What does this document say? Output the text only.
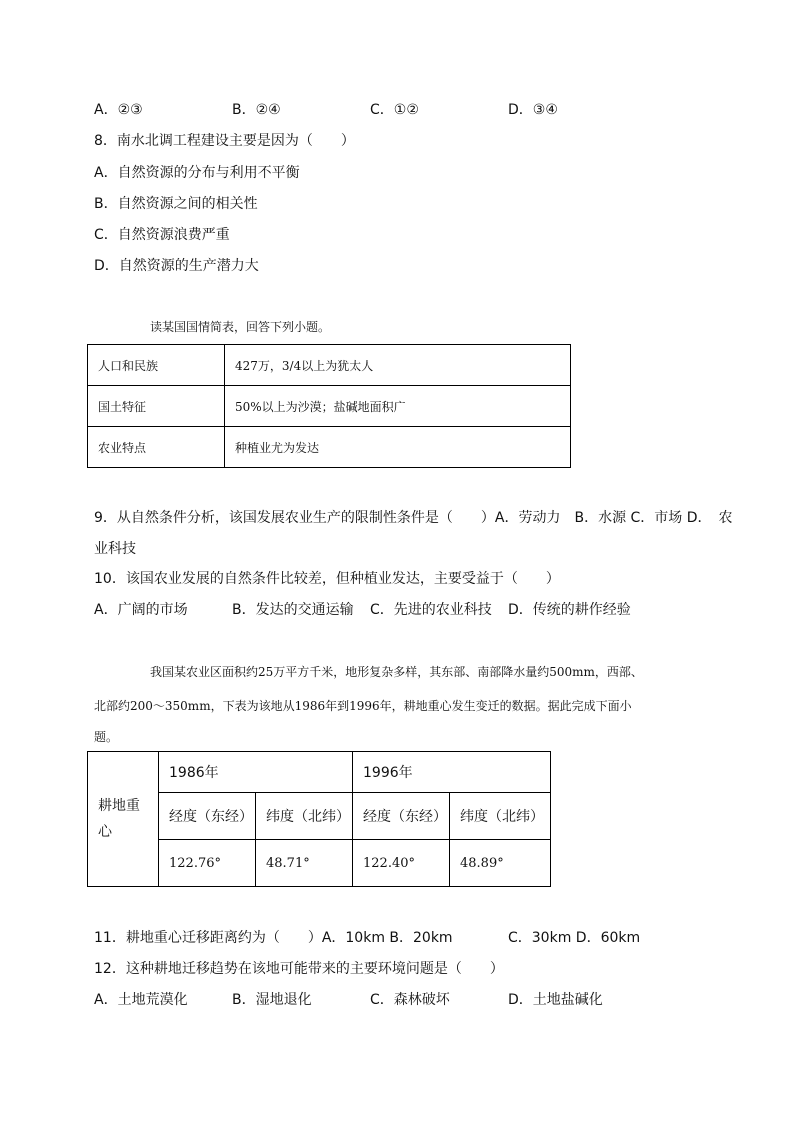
A．②③	B．②④	C．①②	D．③④
8．南水北调工程建设主要是因为（　　）
A．自然资源的分布与利用不平衡
B．自然资源之间的相关性
C．自然资源浪费严重
D．自然资源的生产潜力大
读某国国情简表，回答下列小题。
人口和民族	427万，3/4以上为犹太人
国土特征	50%以上为沙漠；盐碱地面积广
农业特点	种植业尤为发达
9．从自然条件分析，该国发展农业生产的限制性条件是（　　）A．劳动力　B．水源 C．市场 D．　农
业科技
10．该国农业发展的自然条件比较差，但种植业发达，主要受益于（　　）
A．广阔的市场	B．发达的交通运输 C．先进的农业科技 D．传统的耕作经验
我国某农业区面积约25万平方千米，地形复杂多样，其东部、南部降水量约500mm，西部、
北部约200～350mm，下表为该地从1986年到1996年，耕地重心发生变迁的数据。据此完成下面小
题。
耕地重心	1986年		1996年	
	经度（东经）	纬度（北纬）	经度（东经）	纬度（北纬）
	122.76°	48.71°	122.40°	48.89°
11．耕地重心迁移距离约为（　　）A．10km B．20km	C．30km D．60km
12．这种耕地迁移趋势在该地可能带来的主要环境问题是（　　）
A．土地荒漠化	B．湿地退化	C．森林破坏	D．土地盐碱化
